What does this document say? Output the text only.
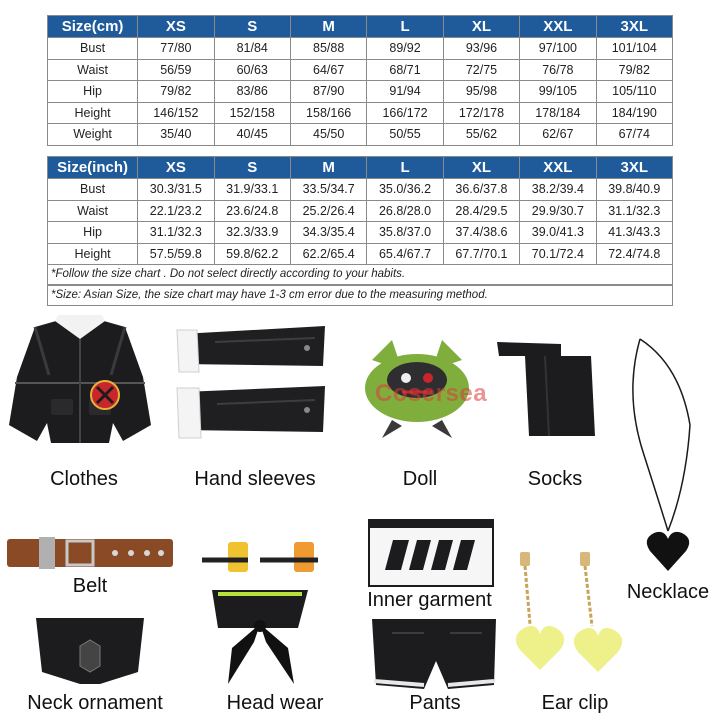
Size(cm)	XS	S	M	L	XL	XXL	3XL
Bust	77/80	81/84	85/88	89/92	93/96	97/100	101/104
Waist	56/59	60/63	64/67	68/71	72/75	76/78	79/82
Hip	79/82	83/86	87/90	91/94	95/98	99/105	105/110
Height	146/152	152/158	158/166	166/172	172/178	178/184	184/190
Weight	35/40	40/45	45/50	50/55	55/62	62/67	67/74
Size(inch)	XS	S	M	L	XL	XXL	3XL
Bust	30.3/31.5	31.9/33.1	33.5/34.7	35.0/36.2	36.6/37.8	38.2/39.4	39.8/40.9
Waist	22.1/23.2	23.6/24.8	25.2/26.4	26.8/28.0	28.4/29.5	29.9/30.7	31.1/32.3
Hip	31.1/32.3	32.3/33.9	34.3/35.4	35.8/37.0	37.4/38.6	39.0/41.3	41.3/43.3
Height	57.5/59.8	59.8/62.2	62.2/65.4	65.4/67.7	67.7/70.1	70.1/72.4	72.4/74.8
*Follow the size chart . Do not select directly according to your habits.
*Size: Asian Size, the size chart may have 1-3 cm error due to the measuring method.
Clothes	Hand sleeves
Cosersea
Doll	Socks
Necklace
Belt
Neck ornament	Head wear
Inner garment
Pants	Ear clip
